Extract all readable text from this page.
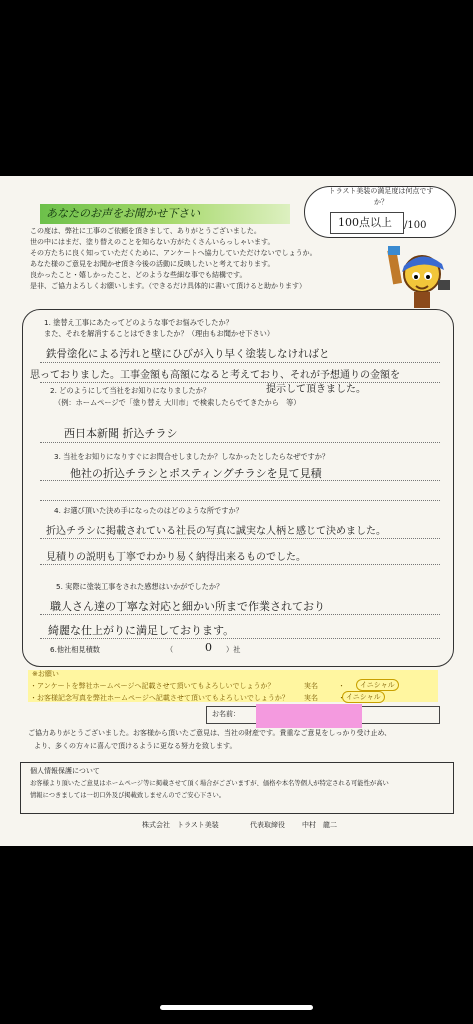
あなたのお声をお聞かせ下さい
この度は、弊社に工事のご依頼を頂きまして、ありがとうございました。
世の中にはまだ、塗り替えのことを知らない方がたくさんいらっしゃいます。
その方たちに良く知っていただくために、アンケートへ協力していただけないでしょうか。
あなた様のご意見をお聞かせ頂き今後の活動に反映したいと考えております。
良かったこと・嬉しかったこと、どのような些細な事でも結構です。
是非、ご協力よろしくお願いします。（できるだけ具体的に書いて頂けると助かります）
トラスト美装の満足度は何点ですか？
100点以上 /100
1. 塗替え工事にあたってどのような事でお悩みでしたか？
また、それを解消することはできましたか？（理由もお聞かせ下さい）
鉄骨塗化による汚れと壁にひびが入り早く塗装しなければと
思っておりました。工事金額も高額になると考えており、それが予想通りの金額を
2. どのようにして当社をお知りになりましたか？	提示して頂きました。
（例：ホームページで「塗り替え 大川市」で検索したらでてきたから　等）
西日本新聞 折込チラシ
3. 当社をお知りになりすぐにお問合せしましたか？しなかったとしたらなぜですか？
他社の折込チラシとポスティングチラシを見て見積
4. お選び頂いた決め手になったのはどのような所ですか？
折込チラシに掲載されている社長の写真に誠実な人柄と感じて決めました。
見積りの説明も丁寧でわかり易く納得出来るものでした。
5. 実際に塗装工事をされた感想はいかがでしたか？
職人さん達の丁寧な対応と細かい所まで作業されており
綺麗な仕上がりに満足しております。
6.他社相見積数	（	0 ）社
※お願い
・アンケートを弊社ホームページへ記載させて頂いてもよろしいでしょうか？	実名	・	イニシャル
・お客様記念写真を弊社ホームページへ記載させて頂いてもよろしいでしょうか？ 実名	・ イニシャル
お名前：
ご協力ありがとうございました。お客様から頂いたご意見は、当社の財産です。貴重なご意見をしっかり受け止め、
より、多くの方々に喜んで頂けるように更なる努力を致します。
個人情報保護について
お客様より頂いたご意見はホームページ等に掲載させて頂く場合がございますが、価格や本名等個人が特定される可能性が高い
情報につきましては一切口外及び掲載致しませんのでご安心下さい。
株式会社　トラスト美装	代表取締役 中村　龍二
